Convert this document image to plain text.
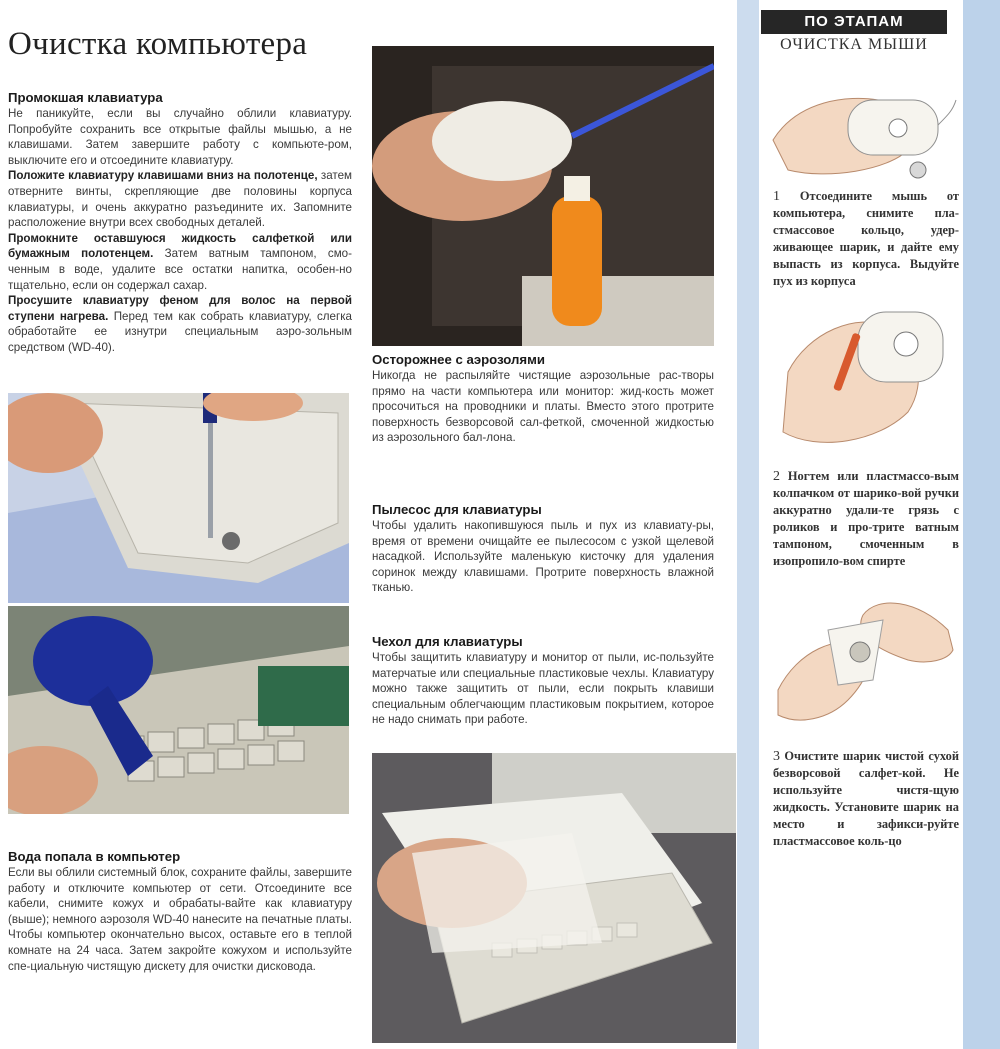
Очистка компьютера
Промокшая клавиатура

Не паникуйте, если вы случайно облили клавиатуру. Попробуйте сохранить все открытые файлы мышью, а не клавишами. Затем завершите работу с компьюте-ром, выключите его и отсоедините клавиатуру.
Положите клавиатуру клавишами вниз на полотенце, затем отверните винты, скрепляющие две половины корпуса клавиатуры, и очень аккуратно разъедините их. Запомните расположение внутри всех свободных деталей.
Промокните оставшуюся жидкость салфеткой или бумажным полотенцем. Затем ватным тампоном, смо-ченным в воде, удалите все остатки напитка, особен-но тщательно, если он содержал сахар.
Просушите клавиатуру феном для волос на первой ступени нагрева. Перед тем как собрать клавиатуру, слегка обработайте ее изнутри специальным аэро-зольным средством (WD-40).

Вода попала в компьютер

Если вы облили системный блок, сохраните файлы, завершите работу и отключите компьютер от сети. Отсоедините все кабели, снимите кожух и обрабаты-вайте как клавиатуру (выше); немного аэрозоля WD-40 нанесите на печатные платы. Чтобы компьютер окончательно высох, оставьте его в теплой комнате на 24 часа. Затем закройте кожухом и используйте спе-циальную чистящую дискету для очистки дисковода.

Осторожнее с аэрозолями

Никогда не распыляйте чистящие аэрозольные рас-творы прямо на части компьютера или монитор: жид-кость может просочиться на проводники и платы. Вместо этого протрите поверхность безворсовой сал-феткой, смоченной жидкостью из аэрозольного бал-лона.

Пылесос для клавиатуры

Чтобы удалить накопившуюся пыль и пух из клавиату-ры, время от времени очищайте ее пылесосом с узкой щелевой насадкой. Используйте маленькую кисточку для удаления соринок между клавишами. Протрите поверхность влажной тканью.

Чехол для клавиатуры

Чтобы защитить клавиатуру и монитор от пыли, ис-пользуйте матерчатые или специальные пластиковые чехлы. Клавиатуру можно также защитить от пыли, если покрыть клавиши специальным облегчающим пластиковым покрытием, которое не надо снимать при работе.

ПО ЭТАПАМ
ОЧИСТКА МЫШИ
1 Отсоедините мышь от компьютера, снимите пла-стмассовое кольцо, удер-живающее шарик, и дайте ему выпасть из корпуса. Выдуйте пух из корпуса
2 Ногтем или пластмассо-вым колпачком от шарико-вой ручки аккуратно удали-те грязь с роликов и про-трите ватным тампоном, смоченным в изопропило-вом спирте
3 Очистите шарик чистой сухой безворсовой салфет-кой. Не используйте чистя-щую жидкость. Установите шарик на место и зафикси-руйте пластмассовое коль-цо
